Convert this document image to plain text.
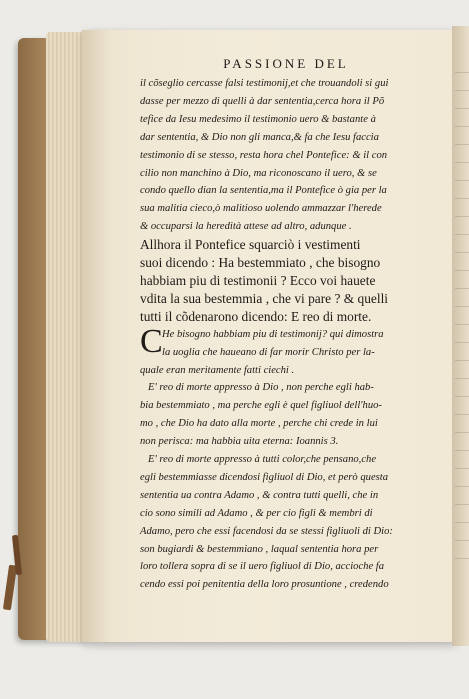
PASSIONE DEL

il cõseglio cercasse falsi testimonij,et che trouandoli si gui

dasse per mezzo di quelli à dar sententia,cerca hora il Põ

tefice da Iesu medesimo il testimonio uero & bastante à

dar sententia, & Dio non gli manca,& fa che Iesu faccia

testimonio di se stesso, resta hora chel Pontefice: & il con

cilio non manchino à Dio, ma riconoscano il uero, & se

condo quello dian la sententia,ma il Pontefice ò gia per la

sua malitia cieco,ò malitioso uolendo ammazzar l'herede

& occuparsi la heredità attese ad altro, adunque .

Allhora il Pontefice squarciò i vestimenti

suoi dicendo : Ha bestemmiato , che bisogno

habbiam piu di testimonii ? Ecco voi hauete

vdita la sua bestemmia , che vi pare ? & quelli

tutti il cõdenarono dicendo: E reo di morte.

C He bisogno habbiam piu di testimonij? qui dimostra

la uoglia che haueano di far morir Christo per la-

quale eran meritamente fatti ciechi .

E' reo di morte appresso à Dio , non perche egli hab-

bia bestemmiato , ma perche egli è quel figliuol dell'huo-

mo , che Dio ha dato alla morte , perche chi crede in lui

non perisca: ma habbia uita eterna: Ioannis 3.

E' reo di morte appresso à tutti color,che pensano,che

egli bestemmiasse dicendosi figliuol di Dio, et però questa

sententia ua contra Adamo , & contra tutti quelli, che in

cio sono simili ad Adamo , & per cio figli & membri di

Adamo, pero che essi facendosi da se stessi figliuoli di Dio:

son bugiardi & bestemmiano , laqual sententia hora per

loro tollera sopra di se il uero figliuol di Dio, accioche fa

cendo essi poi penitentia della loro prosuntione , credendo
